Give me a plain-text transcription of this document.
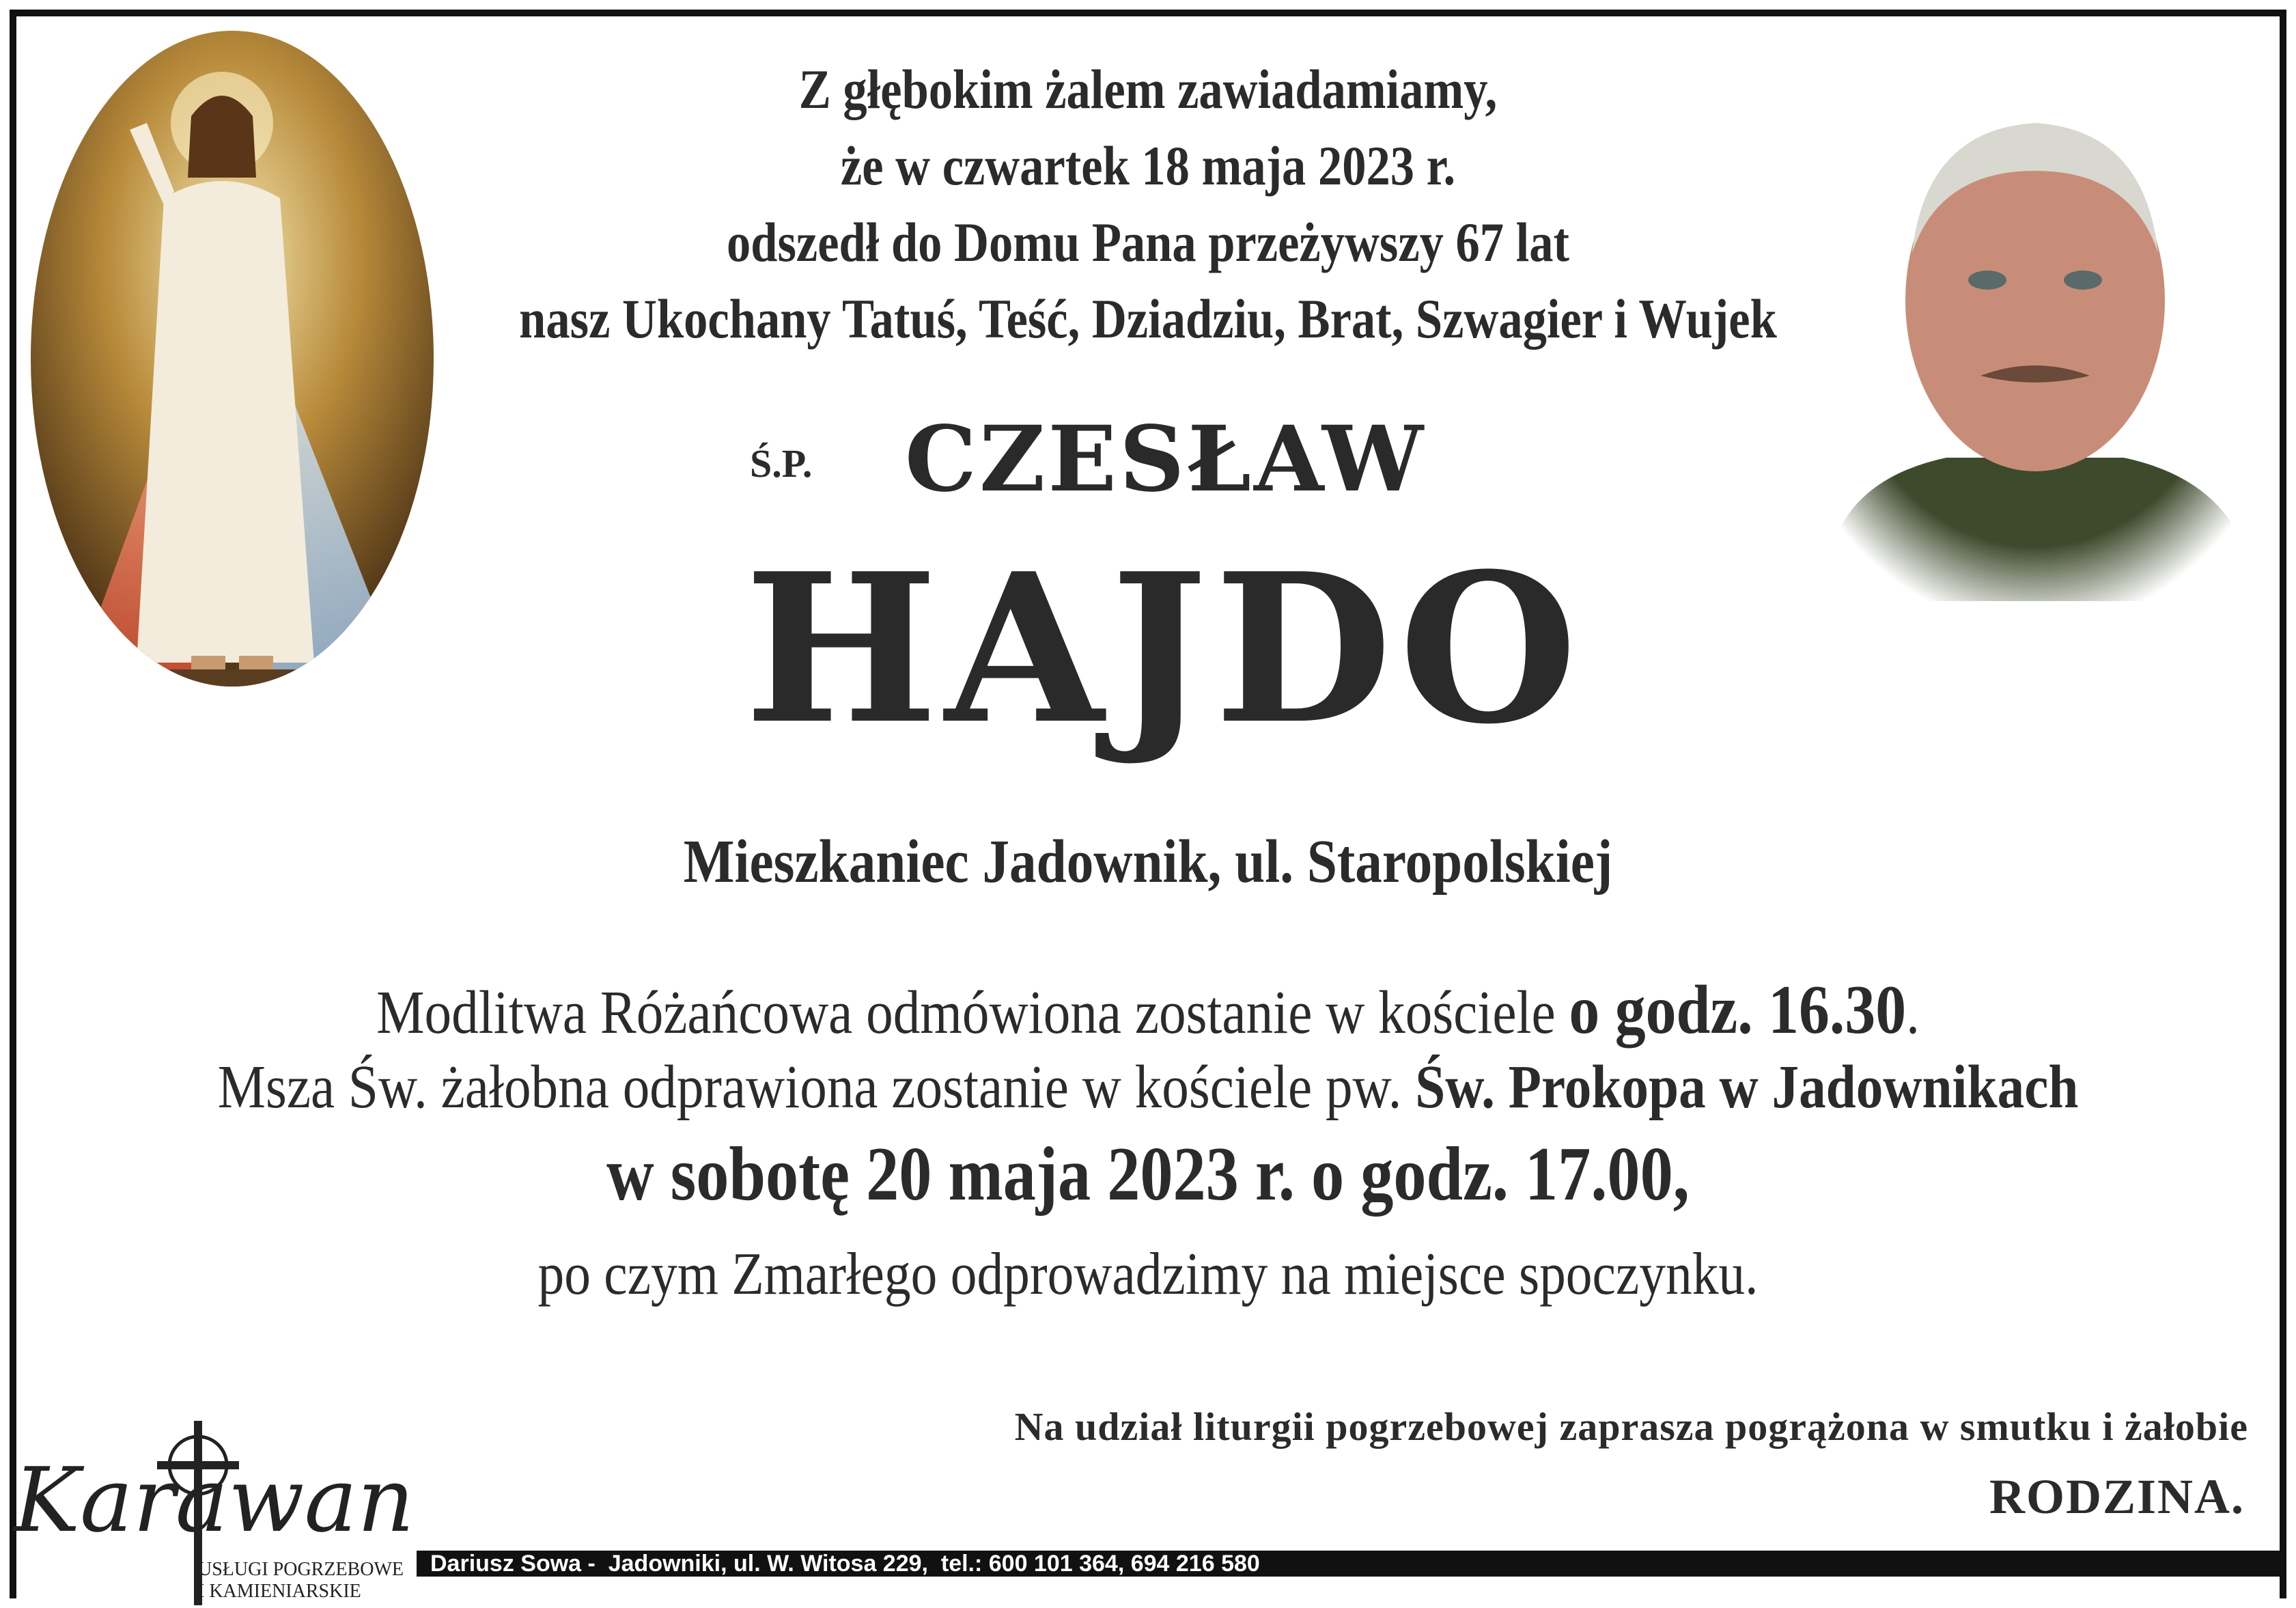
Z głębokim żalem zawiadamiamy,
że w czwartek 18 maja 2023 r.
odszedł do Domu Pana przeżywszy 67 lat
nasz Ukochany Tatuś, Teść, Dziadziu, Brat, Szwagier i Wujek
Ś.P. CZESŁAW
HAJDO
Mieszkaniec Jadownik, ul. Staropolskiej
Modlitwa Różańcowa odmówiona zostanie w kościele o godz. 16.30.
Msza Św. żałobna odprawiona zostanie w kościele pw. Św. Prokopa w Jadownikach
w sobotę 20 maja 2023 r. o godz. 17.00,
po czym Zmarłego odprowadzimy na miejsce spoczynku.
Na udział liturgii pogrzebowej zaprasza pogrążona w smutku i żałobie
RODZINA.
Karawan
USŁUGI POGRZEBOWE
I KAMIENIARSKIE
Dariusz Sowa -  Jadowniki, ul. W. Witosa 229,  tel.: 600 101 364, 694 216 580
